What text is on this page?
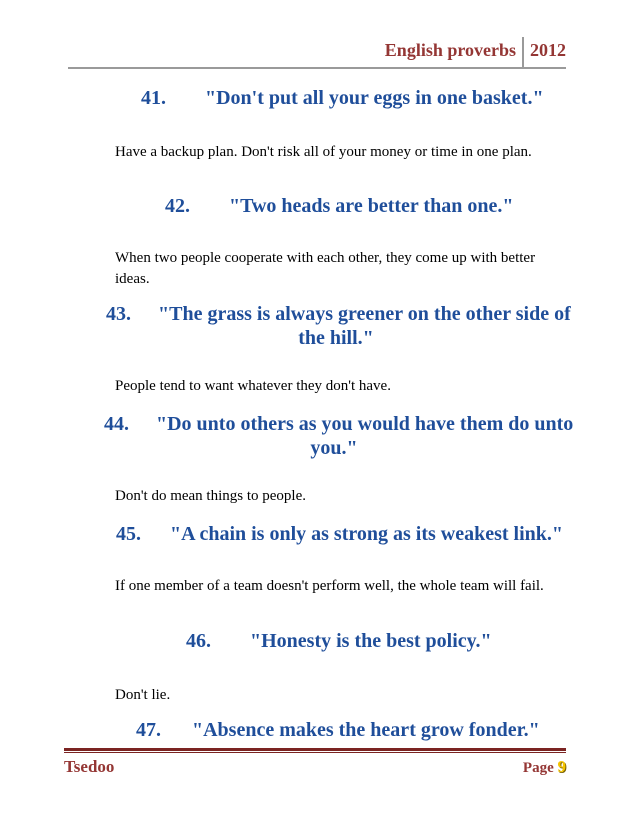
English proverbs 2012
41. "Don't put all your eggs in one basket."
Have a backup plan. Don't risk all of your money or time in one plan.
42. "Two heads are better than one."
When two people cooperate with each other, they come up with better ideas.
43. "The grass is always greener on the other side of
the hill."
People tend to want whatever they don't have.
44. "Do unto others as you would have them do unto
you."
Don't do mean things to people.
45. "A chain is only as strong as its weakest link."
If one member of a team doesn't perform well, the whole team will fail.
46. "Honesty is the best policy."
Don't lie.
47. "Absence makes the heart grow fonder."
Tsedoo	Page 9
